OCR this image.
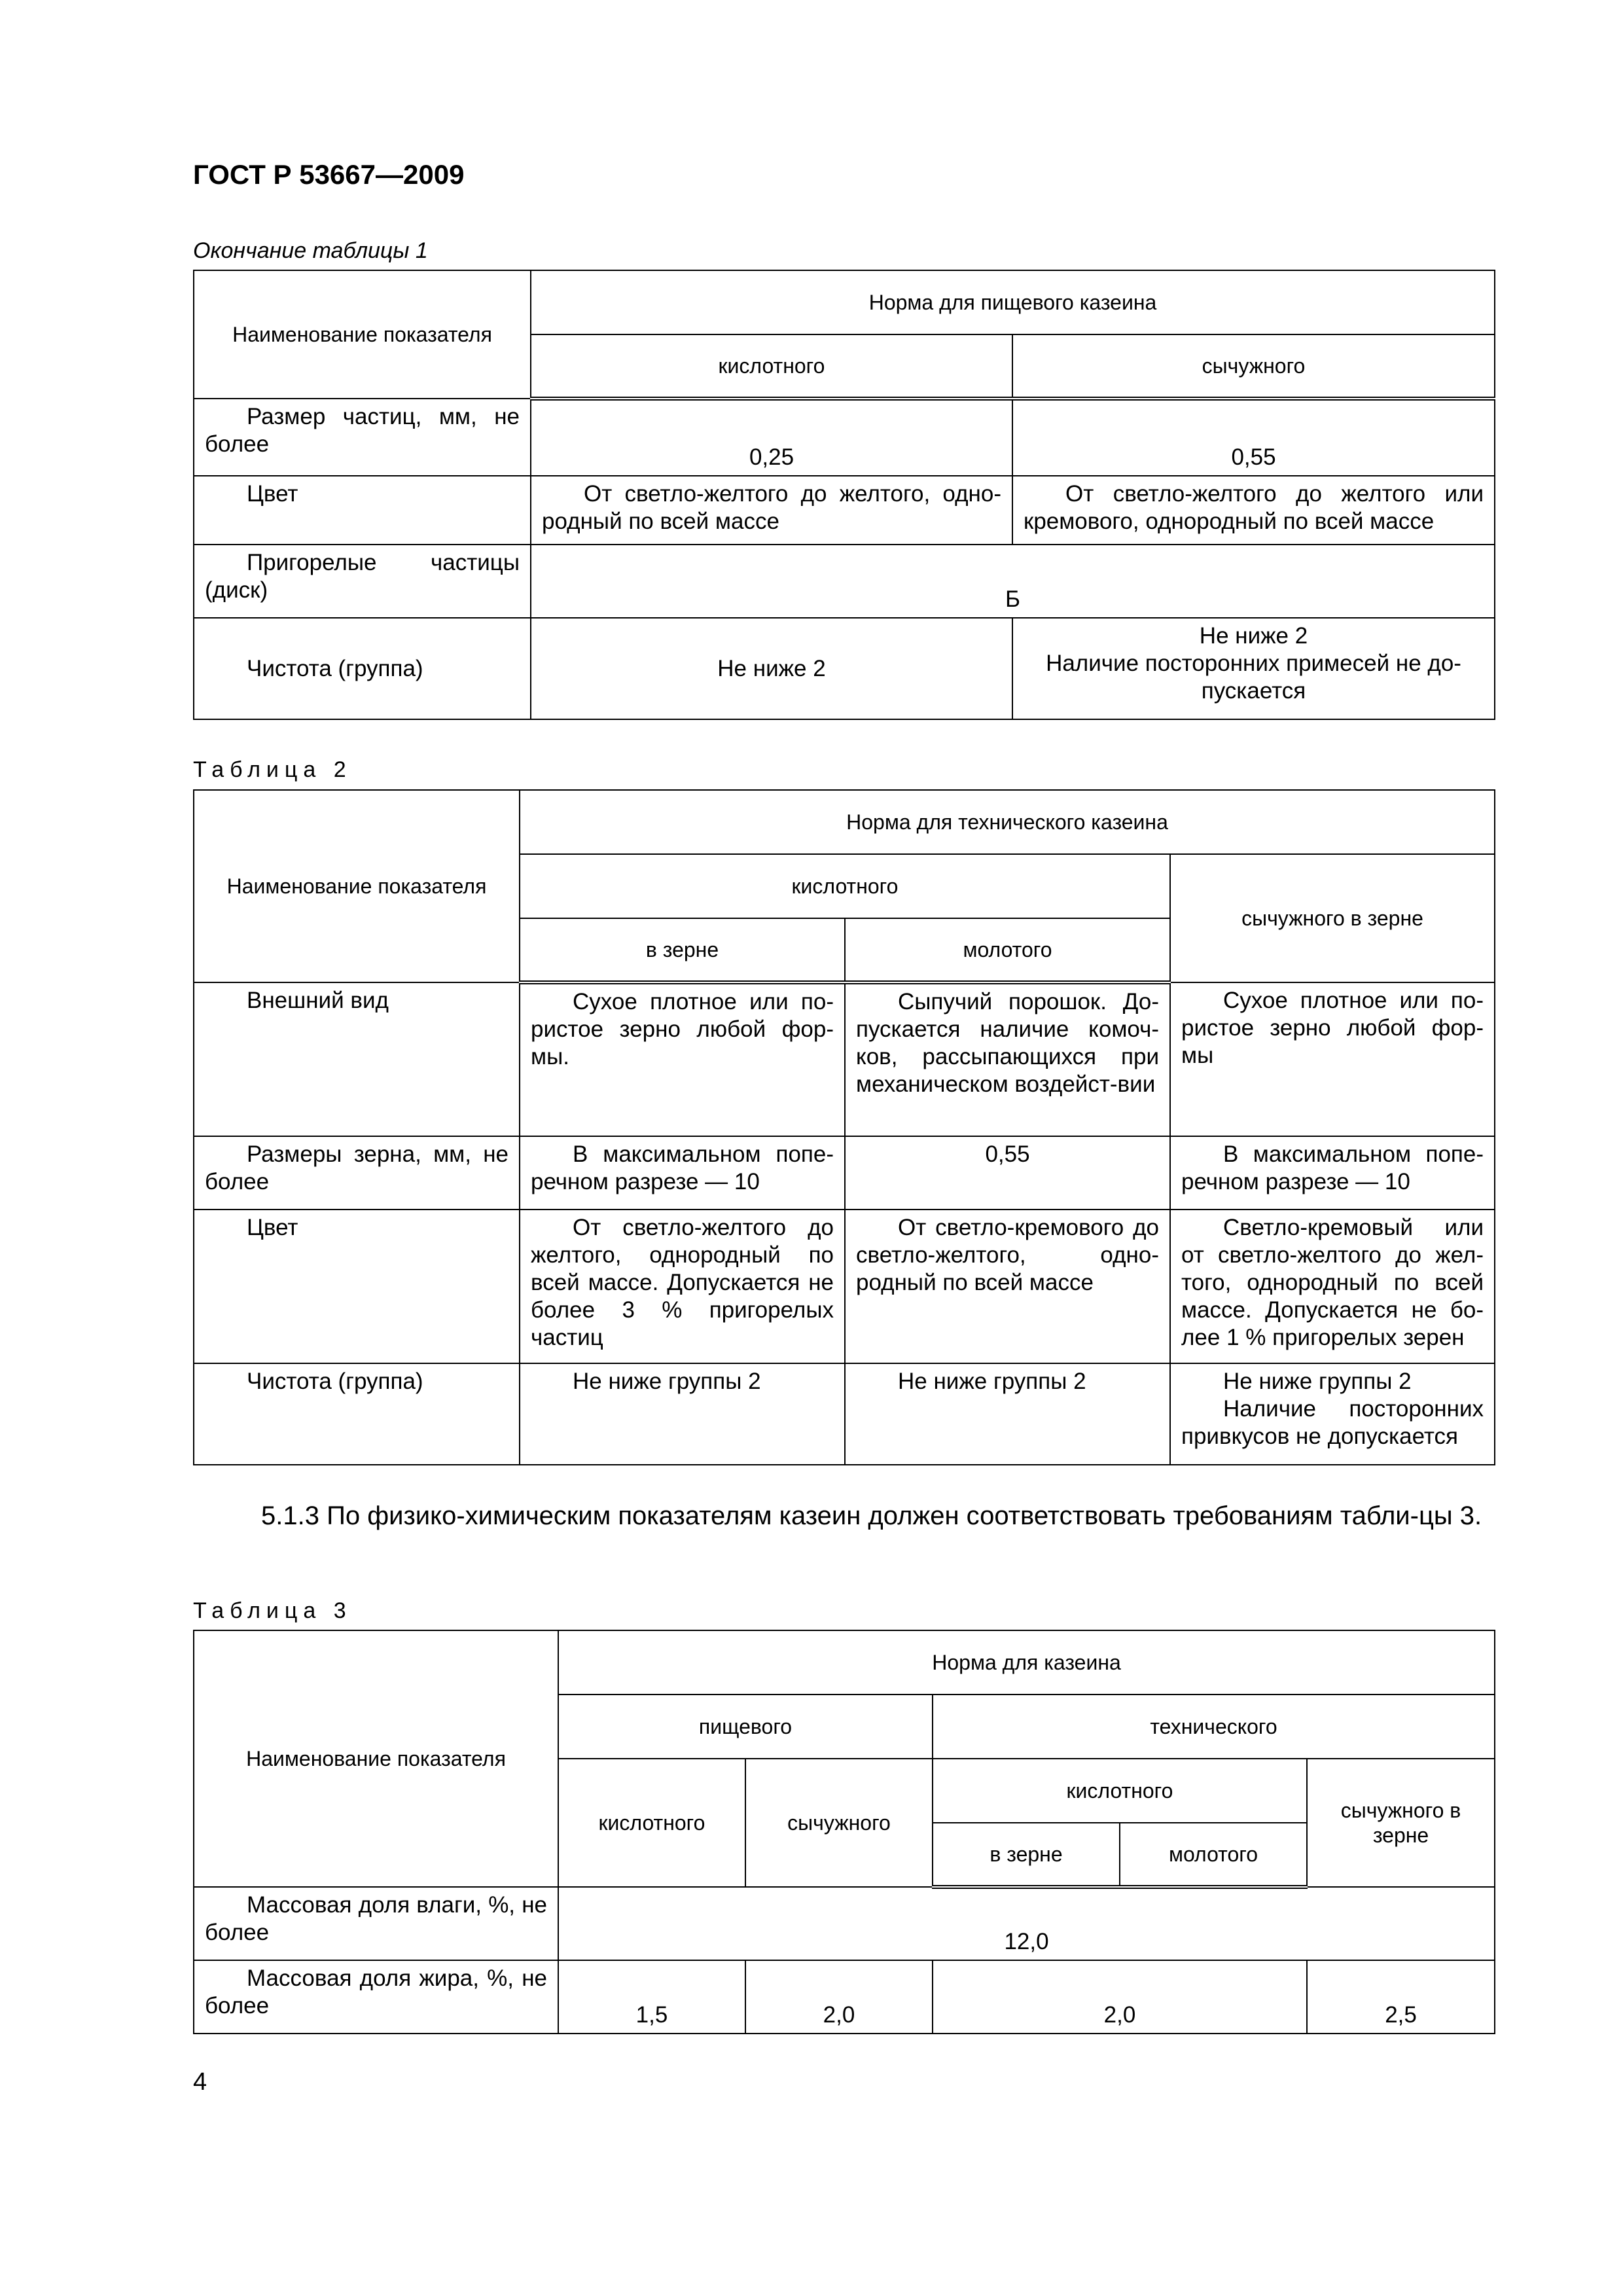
ГОСТ Р 53667—2009
Окончание таблицы 1
Наименование показателя	Норма для пищевого казеина	
	кислотного	сычужного

Размер частиц, мм, не более	0,25	0,55

Цвет	От светло-желтого до желтого, одно-родный по всей массе	От светло-желтого до желтого или кремового, однородный по всей массе

Пригорелые частицы (диск)	Б	

Чистота (группа)	Не ниже 2	Не ниже 2
Наличие посторонних примесей не до-пускается
Таблица 2
Наименование показателя	Норма для технического казеина		
	кислотного		сычужного в зерне
	в зерне	молотого	

Внешний вид	Сухое плотное или по-ристое зерно любой фор-мы.	Сыпучий порошок. До-пускается наличие комоч-ков, рассыпающихся при механическом воздейст-вии	Сухое плотное или по-ристое зерно любой фор-мы

Размеры зерна, мм, не более	В максимальном попе-речном разрезе — 10	0,55	В максимальном попе-речном разрезе — 10

Цвет	От светло-желтого до желтого, однородный по всей массе. Допускается не более 3 % пригорелых частиц	От светло-кремового до светло-желтого, одно-родный по всей массе	Светло-кремовый или от светло-желтого до жел-того, однородный по всей массе. Допускается не бо-лее 1 % пригорелых зерен

Чистота (группа)	Не ниже группы 2	Не ниже группы 2	Не ниже группы 2
Наличие посторонних привкусов не допускается
5.1.3 По физико-химическим показателям казеин должен соответствовать требованиям табли-цы 3.
Таблица 3
Наименование показателя	Норма для казеина				
	пищевого		технического		
	кислотного	сычужного	кислотного		сычужного в зерне
			в зерне	молотого	

Массовая доля влаги, %, не более	12,0				

Массовая доля жира, %, не более	1,5	2,0	2,0		2,5
4
